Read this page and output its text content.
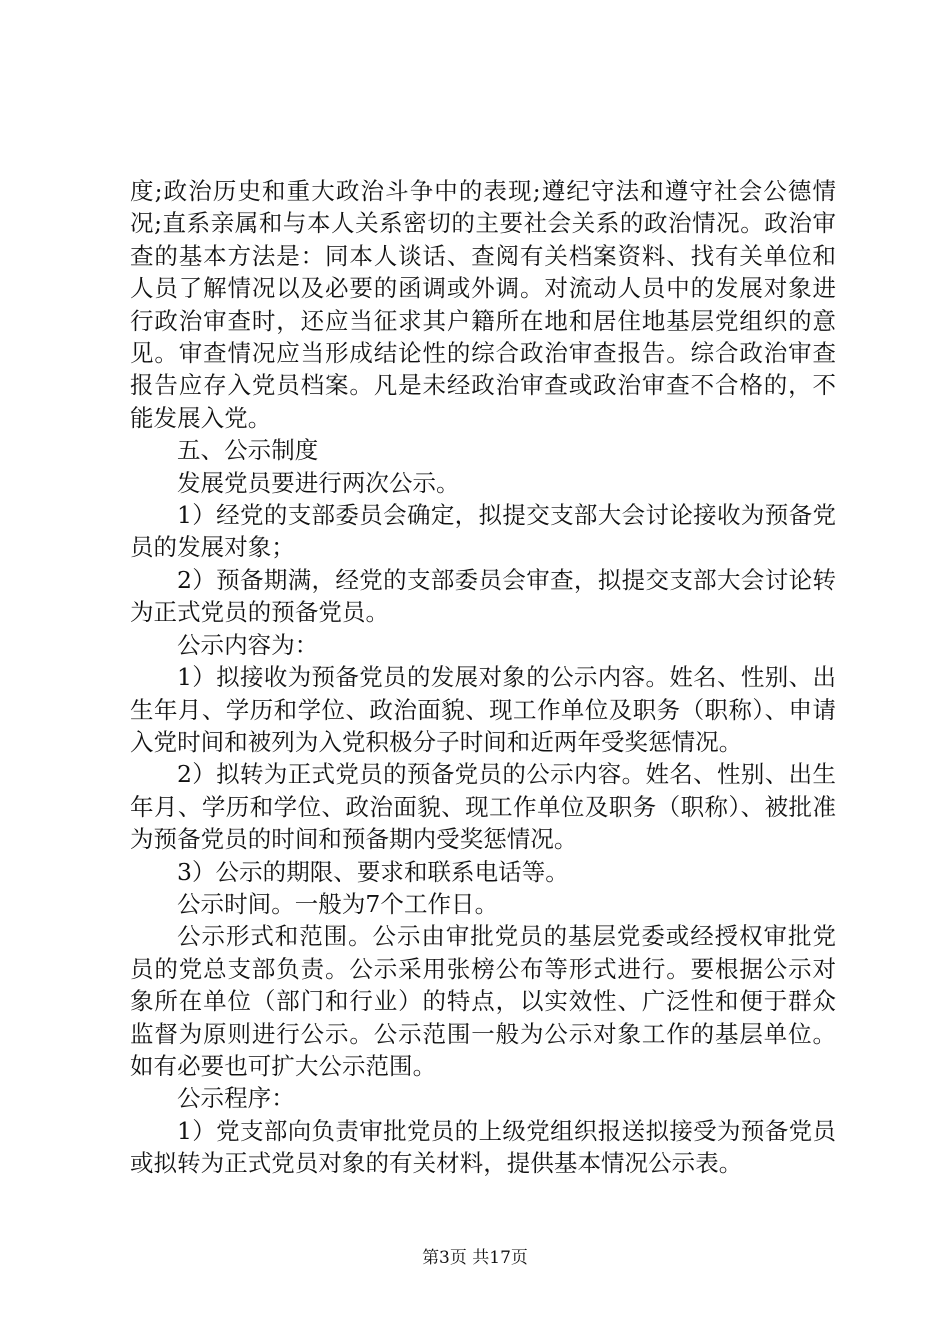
度;政治历史和重大政治斗争中的表现;遵纪守法和遵守社会公德情况;直系亲属和与本人关系密切的主要社会关系的政治情况。政治审查的基本方法是：同本人谈话、查阅有关档案资料、找有关单位和人员了解情况以及必要的函调或外调。对流动人员中的发展对象进行政治审查时，还应当征求其户籍所在地和居住地基层党组织的意见。审查情况应当形成结论性的综合政治审查报告。综合政治审查报告应存入党员档案。凡是未经政治审查或政治审查不合格的，不能发展入党。

五、公示制度

发展党员要进行两次公示。

1）经党的支部委员会确定，拟提交支部大会讨论接收为预备党员的发展对象；

2）预备期满，经党的支部委员会审查，拟提交支部大会讨论转为正式党员的预备党员。

公示内容为：

1）拟接收为预备党员的发展对象的公示内容。姓名、性别、出生年月、学历和学位、政治面貌、现工作单位及职务（职称）、申请入党时间和被列为入党积极分子时间和近两年受奖惩情况。

2）拟转为正式党员的预备党员的公示内容。姓名、性别、出生年月、学历和学位、政治面貌、现工作单位及职务（职称）、被批准为预备党员的时间和预备期内受奖惩情况。

3）公示的期限、要求和联系电话等。

公示时间。一般为7个工作日。

公示形式和范围。公示由审批党员的基层党委或经授权审批党员的党总支部负责。公示采用张榜公布等形式进行。要根据公示对象所在单位（部门和行业）的特点，以实效性、广泛性和便于群众监督为原则进行公示。公示范围一般为公示对象工作的基层单位。如有必要也可扩大公示范围。

公示程序：

1）党支部向负责审批党员的上级党组织报送拟接受为预备党员或拟转为正式党员对象的有关材料，提供基本情况公示表。

第3页 共17页
